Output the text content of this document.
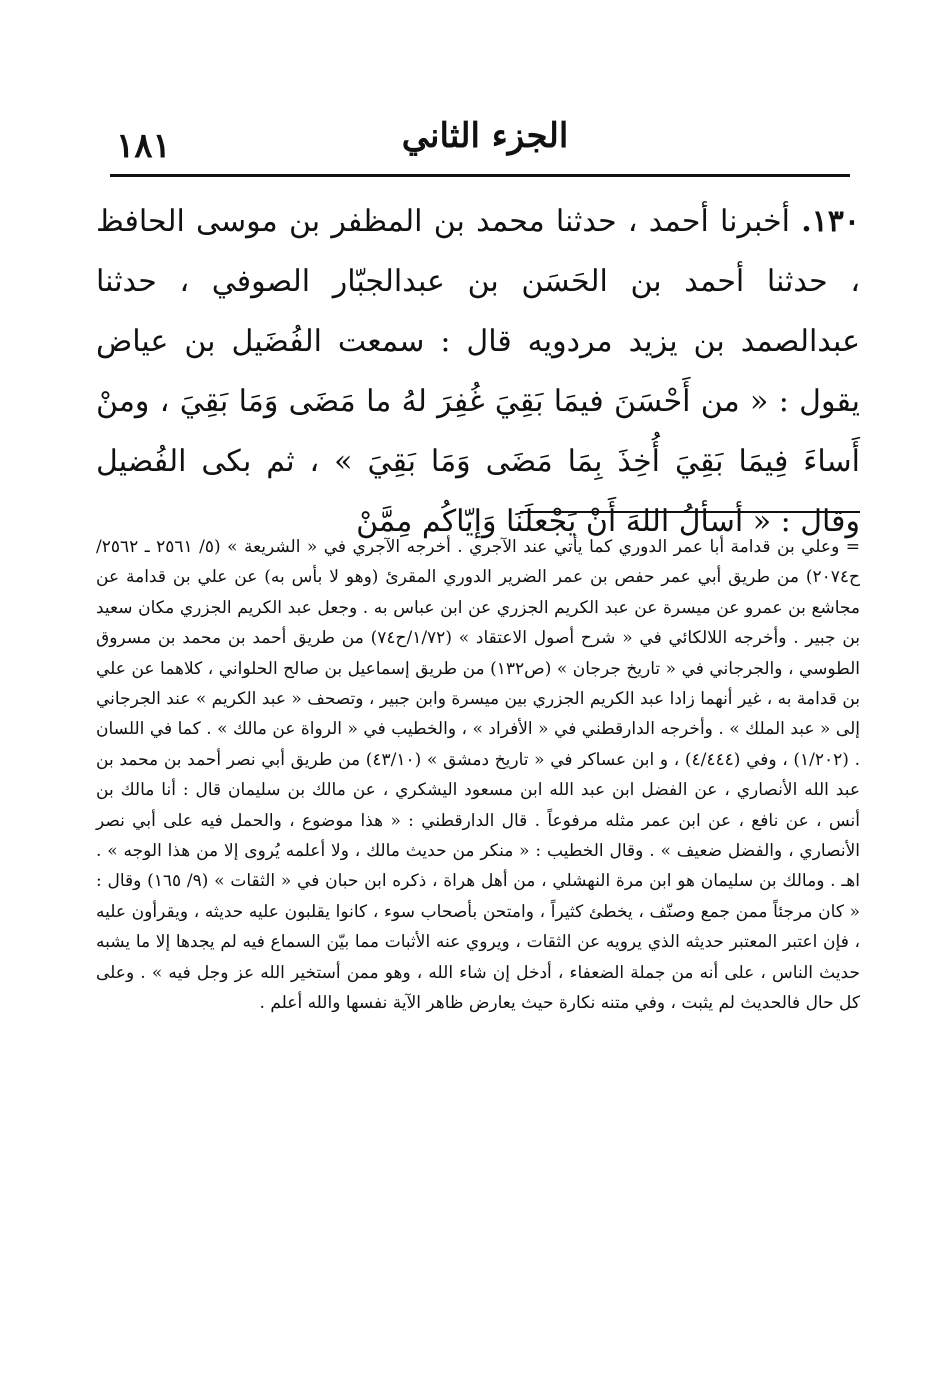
١٨١	الجزء الثاني

١٣٠. أخبرنا أحمد ، حدثنا محمد بن المظفر بن موسى الحافظ ، حدثنا أحمد بن الحَسَن بن عبدالجبّار الصوفي ، حدثنا عبدالصمد بن يزيد مردويه قال : سمعت الفُضَيل بن عياض يقول : « من أَحْسَنَ فيمَا بَقِيَ غُفِرَ لهُ ما مَضَى وَمَا بَقِيَ ، ومنْ أَساءَ فِيمَا بَقِيَ أُخِذَ بِمَا مَضَى وَمَا بَقِيَ » ، ثم بكى الفُضيل وقال : « أسألُ اللهَ أَنْ يَجْعلَنَا وَإيّاكُم مِمَّنْ

= وعلي بن قدامة أبا عمر الدوري كما يأتي عند الآجري . أخرجه الآجري في « الشريعة » (٥/ ٢٥٦١ ـ ٢٥٦٢/ح٢٠٧٤) من طريق أبي عمر حفص بن عمر الضرير الدوري المقرئ (وهو لا بأس به) عن علي بن قدامة عن مجاشع بن عمرو عن ميسرة عن عبد الكريم الجزري عن ابن عباس به . وجعل عبد الكريم الجزري مكان سعيد بن جبير . وأخرجه اللالكائي في « شرح أصول الاعتقاد » (١/٧٢/ح٧٤) من طريق أحمد بن محمد بن مسروق الطوسي ، والجرجاني في « تاريخ جرجان » (ص١٣٢) من طريق إسماعيل بن صالح الحلواني ، كلاهما عن علي بن قدامة به ، غير أنهما زادا عبد الكريم الجزري بين ميسرة وابن جبير ، وتصحف « عبد الكريم » عند الجرجاني إلى « عبد الملك » . وأخرجه الدارقطني في « الأفراد » ، والخطيب في « الرواة عن مالك » . كما في اللسان . (١/٢٠٢) ، وفي (٤/٤٤٤) ، و ابن عساكر في « تاريخ دمشق » (٤٣/١٠) من طريق أبي نصر أحمد بن محمد بن عبد الله الأنصاري ، عن الفضل ابن عبد الله ابن مسعود اليشكري ، عن مالك بن سليمان قال : أنا مالك بن أنس ، عن نافع ، عن ابن عمر مثله مرفوعاً . قال الدارقطني : « هذا موضوع ، والحمل فيه على أبي نصر الأنصاري ، والفضل ضعيف » . وقال الخطيب : « منكر من حديث مالك ، ولا أعلمه يُروى إلا من هذا الوجه » . اهـ . ومالك بن سليمان هو ابن مرة النهشلي ، من أهل هراة ، ذكره ابن حبان في « الثقات » (٩/ ١٦٥) وقال : « كان مرجئاً ممن جمع وصنّف ، يخطئ كثيراً ، وامتحن بأصحاب سوء ، كانوا يقلبون عليه حديثه ، ويقرأون عليه ، فإن اعتبر المعتبر حديثه الذي يرويه عن الثقات ، ويروي عنه الأثبات مما بيّن السماع فيه لم يجدها إلا ما يشبه حديث الناس ، على أنه من جملة الضعفاء ، أدخل إن شاء الله ، وهو ممن أستخير الله عز وجل فيه » . وعلى كل حال فالحديث لم يثبت ، وفي متنه نكارة حيث يعارض ظاهر الآية نفسها والله أعلم .
